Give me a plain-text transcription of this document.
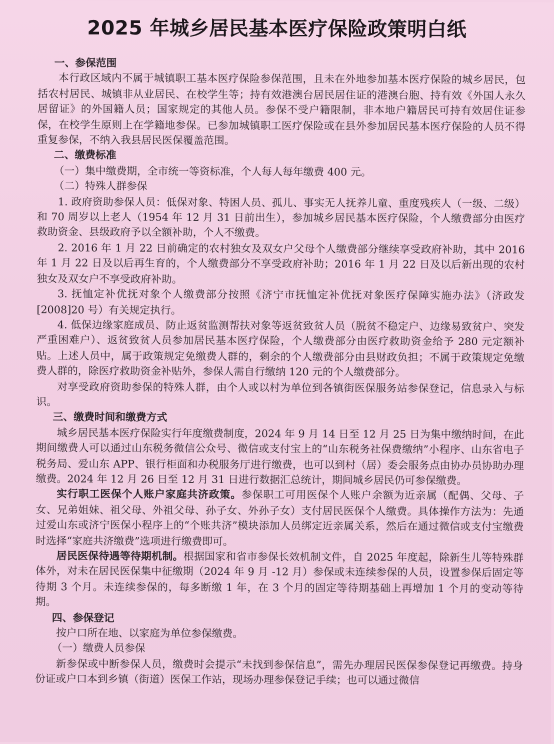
2025 年城乡居民基本医疗保险政策明白纸

一、参保范围

本行政区域内不属于城镇职工基本医疗保险参保范围，且未在外地参加基本医疗保险的城乡居民，包括农村居民、城镇非从业居民、在校学生等；持有效港澳台居民居住证的港澳台胞、持有效《外国人永久居留证》的外国籍人员；国家规定的其他人员。参保不受户籍限制，非本地户籍居民可持有效居住证参保，在校学生原则上在学籍地参保。已参加城镇职工医疗保险或在县外参加居民基本医疗保险的人员不得重复参保，不纳入我县居民医保覆盖范围。

二、缴费标准

（一）集中缴费期，全市统一等资标准，个人每人每年缴费 400 元。

（二）特殊人群参保

1. 政府资助参保人员：低保对象、特困人员、孤儿、事实无人抚养儿童、重度残疾人（一级、二级）和 70 周岁以上老人（1954 年 12 月 31 日前出生），参加城乡居民基本医疗保险，个人缴费部分由医疗救助资金、县级政府予以全额补助，个人不缴费。

2. 2016 年 1 月 22 日前确定的农村独女及双女户父母个人缴费部分继续享受政府补助，其中 2016 年 1 月 22 日及以后再生育的，个人缴费部分不享受政府补助；2016 年 1 月 22 日及以后新出现的农村独女及双女户不享受政府补助。

3. 抚恤定补优抚对象个人缴费部分按照《济宁市抚恤定补优抚对象医疗保障实施办法》（济政发 [2008]20 号）有关规定执行。

4. 低保边缘家庭成员、防止返贫监测帮扶对象等返贫致贫人员（脱贫不稳定户、边缘易致贫户、突发严重困难户）、返贫致贫人员参加居民基本医疗保险，个人缴费部分由医疗救助资金给予 280 元定额补贴。上述人员中，属于政策规定免缴费人群的，剩余的个人缴费部分由县财政负担；不属于政策规定免缴费人群的，除医疗救助资金补贴外，参保人需自行缴纳 120 元的个人缴费部分。

对享受政府资助参保的特殊人群，由个人或以村为单位到各镇街医保服务站参保登记，信息录入与标识。

三、缴费时间和缴费方式

城乡居民基本医疗保险实行年度缴费制度，2024 年 9 月 14 日至 12 月 25 日为集中缴纳时间，在此期间缴费人可以通过山东税务微信公众号、微信或支付宝上的“山东税务社保费缴纳”小程序、山东省电子税务局、爱山东 APP、银行柜面和办税服务厅进行缴费，也可以到村（居）委会服务点由协办员协助办理缴费。2024 年 12 月 26 日至 12 月 31 日进行数据汇总统计，期间城乡居民仍可参保缴费。

实行职工医保个人账户家庭共济政策。参保职工可用医保个人账户余额为近亲属（配偶、父母、子女、兄弟姐妹、祖父母、外祖父母、孙子女、外孙子女）支付居民医保个人缴费。具体操作方法为：先通过爱山东或济宁医保小程序上的“个账共济”模块添加人员绑定近亲属关系，然后在通过微信或支付宝缴费时选择“家庭共济缴费”选项进行缴费即可。

居民医保待遇等待期机制。根据国家和省市参保长效机制文件，自 2025 年度起，除新生儿等特殊群体外，对未在居民医保集中征缴期（2024 年 9 月 -12 月）参保或未连续参保的人员，设置参保后固定等待期 3 个月。未连续参保的，每多断缴 1 年，在 3 个月的固定等待期基础上再增加 1 个月的变动等待期。

四、参保登记

按户口所在地、以家庭为单位参保缴费。

（一）缴费人员参保

新参保或中断参保人员，缴费时会提示“未找到参保信息”，需先办理居民医保参保登记再缴费。持身份证或户口本到乡镇（街道）医保工作站，现场办理参保登记手续；也可以通过微信
